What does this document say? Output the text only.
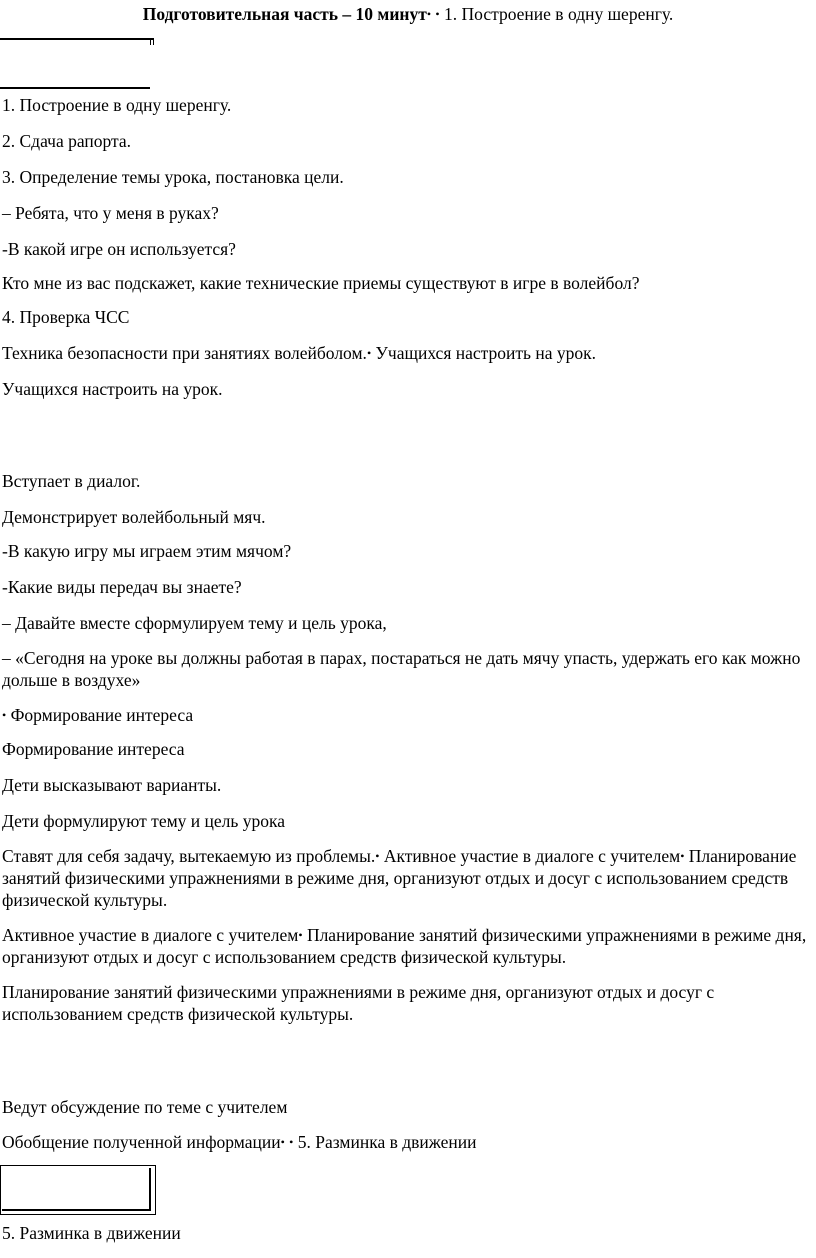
Подготовительная часть – 10 минут• • 1. Построение в одну шеренгу.

1. Построение в одну шеренгу.

2. Сдача рапорта.

3. Определение темы урока, постановка цели.

– Ребята, что у меня в руках?

-В какой игре он используется?

Кто мне из вас подскажет, какие технические приемы существуют в игре в волейбол?

4. Проверка ЧСС

Техника безопасности при занятиях волейболом.• Учащихся настроить на урок.

Учащихся настроить на урок.

Вступает в диалог.

Демонстрирует волейбольный мяч.

-В какую игру мы играем этим мячом?

-Какие виды передач вы знаете?

– Давайте вместе сформулируем тему и цель урока,

– «Сегодня на уроке вы должны работая в парах, постараться не дать мячу упасть, удержать его как можно дольше в воздухе»

• Формирование интереса

Формирование интереса

Дети высказывают варианты.

Дети формулируют тему и цель урока

Ставят для себя задачу, вытекаемую из проблемы.• Активное участие в диалоге с учителем• Планирование занятий физическими упражнениями в режиме дня, организуют отдых и досуг с использованием средств физической культуры.

Активное участие в диалоге с учителем• Планирование занятий физическими упражнениями в режиме дня, организуют отдых и досуг с использованием средств физической культуры.

Планирование занятий физическими упражнениями в режиме дня, организуют отдых и досуг с использованием средств физической культуры.

Ведут обсуждение по теме с учителем

Обобщение полученной информации• • 5. Разминка в движении

5. Разминка в движении
